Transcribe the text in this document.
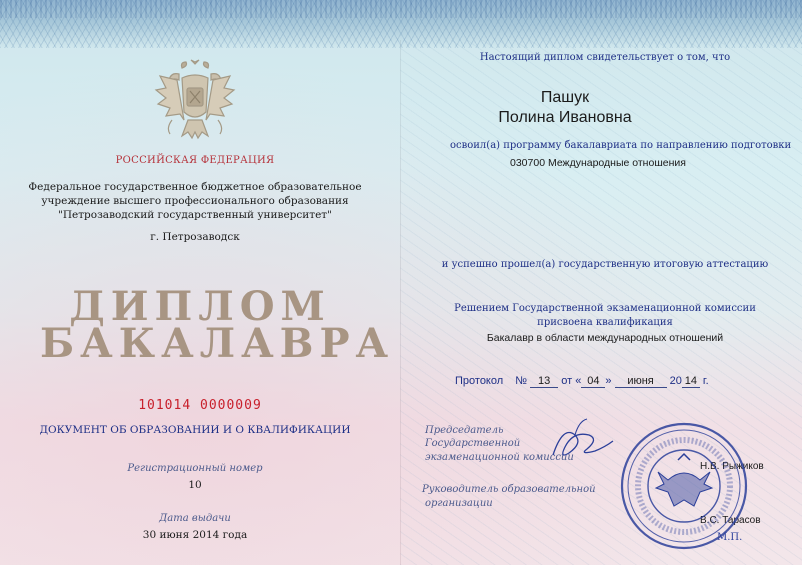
РОССИЙСКАЯ ФЕДЕРАЦИЯ
Федеральное государственное бюджетное образовательное
учреждение высшего профессионального образования
"Петрозаводский государственный университет"
г. Петрозаводск
ДИПЛОМ
БАКАЛАВРА
101014 0000009
ДОКУМЕНТ ОБ ОБРАЗОВАНИИ И О КВАЛИФИКАЦИИ
Регистрационный номер
10
Дата выдачи
30 июня 2014 года
Настоящий диплом свидетельствует о том, что
Пашук
Полина Ивановна
освоил(а) программу бакалавриата по направлению подготовки
030700 Международные отношения
и успешно прошел(а) государственную итоговую аттестацию
Решением Государственной экзаменационной комиссии
присвоена квалификация
Бакалавр в области международных отношений
Протокол № 13 от « 04 » июня 20 14 г.
Председатель
Государственной
экзаменационной комиссии
Н.В. Рыжиков
Руководитель образовательной
организации
В.С. Тарасов
М.П.
